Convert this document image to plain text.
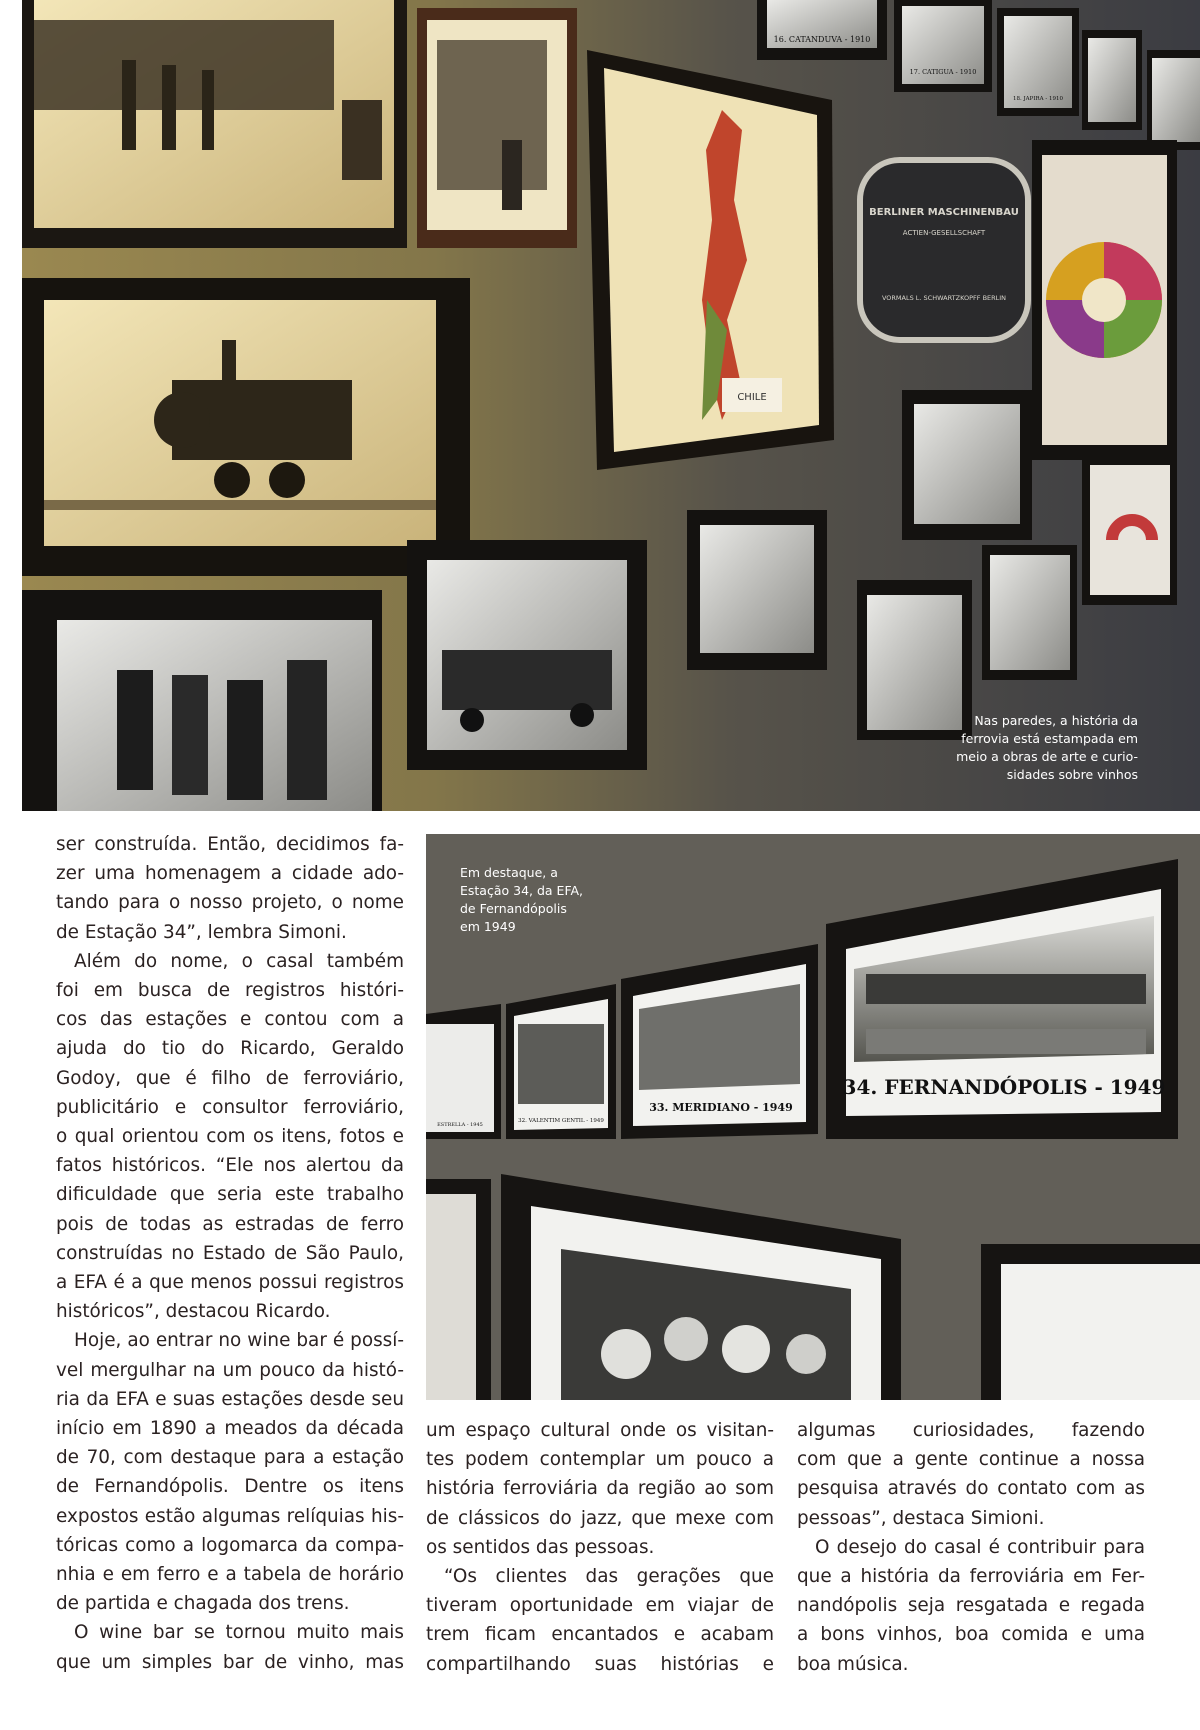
CHILE
16. CATANDUVA - 1910
17. CATIGUA - 1910
18. JAPIRA - 1910
BERLINER MASCHINENBAU
ACTIEN-GESELLSCHAFT
VORMALS L. SCHWARTZKOPFF BERLIN
Nas paredes, a história da
ferrovia está estampada em
meio a obras de arte e curio-
sidades sobre vinhos
34. FERNANDÓPOLIS - 1949
33. MERIDIANO - 1949
32. VALENTIM GENTIL - 1949
ESTRELLA - 1945
Em destaque, a
Estação 34, da EFA,
de Fernandópolis
em 1949
ser construída. Então, decidimos fa-
zer uma homenagem a cidade ado-
tando para o nosso projeto, o nome
de Estação 34”, lembra Simoni.
Além do nome, o casal também
foi em busca de registros históri-
cos das estações e contou com a
ajuda do tio do Ricardo, Geraldo
Godoy, que é filho de ferroviário,
publicitário e consultor ferroviário,
o qual orientou com os itens, fotos e
fatos históricos. “Ele nos alertou da
dificuldade que seria este trabalho
pois de todas as estradas de ferro
construídas no Estado de São Paulo,
a EFA é a que menos possui registros
históricos”, destacou Ricardo.
Hoje, ao entrar no wine bar é possí-
vel mergulhar na um pouco da histó-
ria da EFA e suas estações desde seu
início em 1890 a meados da década
de 70, com destaque para a estação
de Fernandópolis. Dentre os itens
expostos estão algumas relíquias his-
tóricas como a logomarca da compa-
nhia e em ferro e a tabela de horário
de partida e chagada dos trens.
O wine bar se tornou muito mais
que um simples bar de vinho, mas
um espaço cultural onde os visitan-
tes podem contemplar um pouco a
história ferroviária da região ao som
de clássicos do jazz, que mexe com
os sentidos das pessoas.
“Os clientes das gerações que
tiveram oportunidade em viajar de
trem ficam encantados e acabam
compartilhando suas histórias e
algumas curiosidades, fazendo
com que a gente continue a nossa
pesquisa através do contato com as
pessoas”, destaca Simioni.
O desejo do casal é contribuir para
que a história da ferroviária em Fer-
nandópolis seja resgatada e regada
a bons vinhos, boa comida e uma
boa música.
